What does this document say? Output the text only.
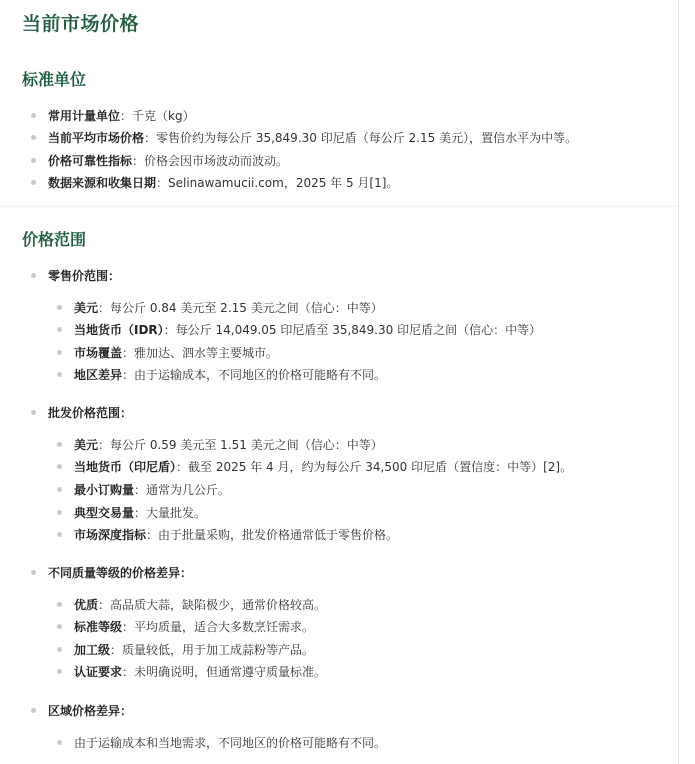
当前市场价格
标准单位
常用计量单位：千克（kg）
当前平均市场价格：零售价约为每公斤 35,849.30 印尼盾（每公斤 2.15 美元），置信水平为中等。
价格可靠性指标：价格会因市场波动而波动。
数据来源和收集日期：Selinawamucii.com，2025 年 5 月[1]。
价格范围
零售价范围：
美元：每公斤 0.84 美元至 2.15 美元之间（信心：中等）
当地货币（IDR）：每公斤 14,049.05 印尼盾至 35,849.30 印尼盾之间（信心：中等）
市场覆盖：雅加达、泗水等主要城市。
地区差异：由于运输成本，不同地区的价格可能略有不同。
批发价格范围：
美元：每公斤 0.59 美元至 1.51 美元之间（信心：中等）
当地货币（印尼盾）：截至 2025 年 4 月，约为每公斤 34,500 印尼盾（置信度：中等）[2]。
最小订购量：通常为几公斤。
典型交易量：大量批发。
市场深度指标：由于批量采购，批发价格通常低于零售价格。
不同质量等级的价格差异：
优质：高品质大蒜，缺陷极少，通常价格较高。
标准等级：平均质量，适合大多数烹饪需求。
加工级：质量较低，用于加工成蒜粉等产品。
认证要求：未明确说明，但通常遵守质量标准。
区域价格差异：
由于运输成本和当地需求，不同地区的价格可能略有不同。
